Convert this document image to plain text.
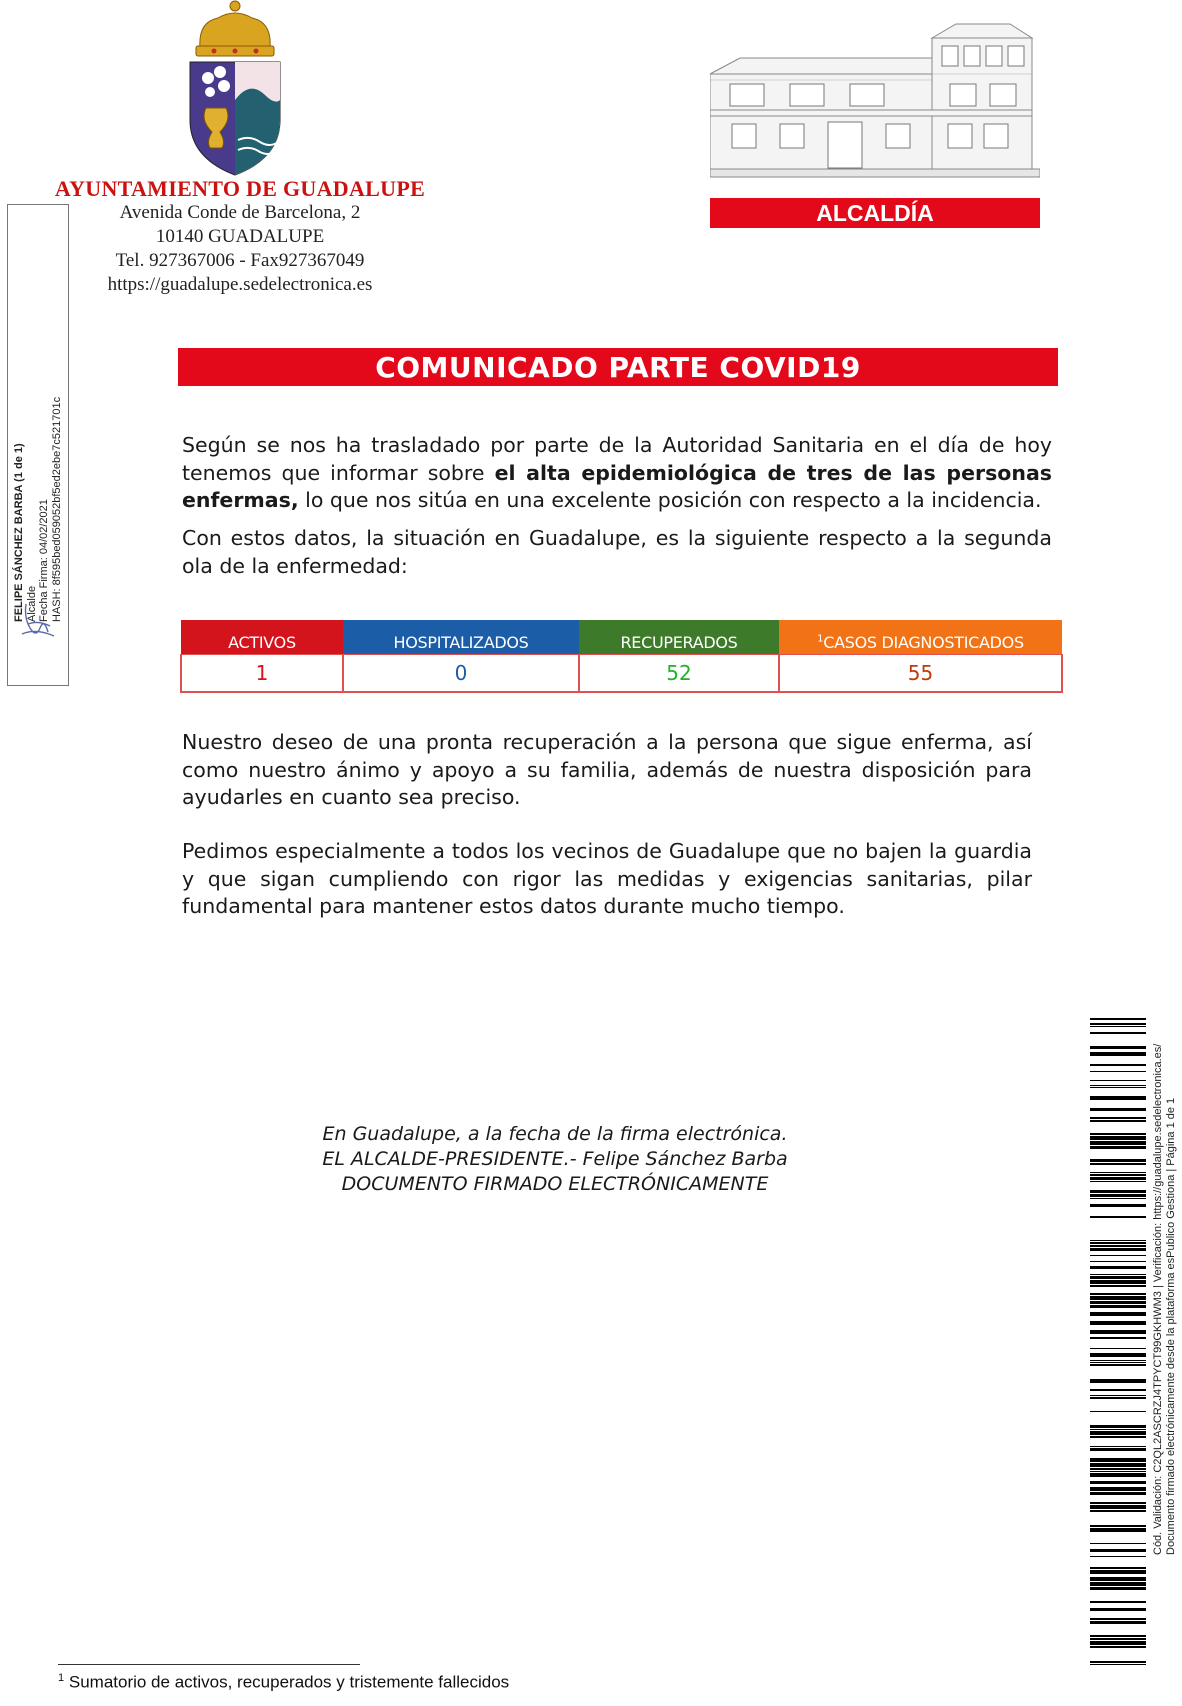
AYUNTAMIENTO DE GUADALUPE
Avenida Conde de Barcelona, 2
10140 GUADALUPE
Tel. 927367006 - Fax927367049
https://guadalupe.sedelectronica.es
ALCALDÍA
FELIPE SÁNCHEZ BARBA (1 de 1) Alcalde Fecha Firma: 04/02/2021 HASH: 8f595bed059052bf5ed2ebe7c521701c
COMUNICADO PARTE COVID19
Según se nos ha trasladado por parte de la Autoridad Sanitaria en el día de hoy tenemos que informar sobre el alta epidemiológica de tres de las personas enfermas, lo que nos sitúa en una excelente posición con respecto a la incidencia.
Con estos datos, la situación en Guadalupe, es la siguiente respecto a la segunda ola de la enfermedad:
ACTIVOS	HOSPITALIZADOS	RECUPERADOS	$^1$CASOS DIAGNOSTICADOS
1	0	52	55
Nuestro deseo de una pronta recuperación a la persona que sigue enferma, así como nuestro ánimo y apoyo a su familia, además de nuestra disposición para ayudarles en cuanto sea preciso.
Pedimos especialmente a todos los vecinos de Guadalupe que no bajen la guardia y que sigan cumpliendo con rigor las medidas y exigencias sanitarias, pilar fundamental para mantener estos datos durante mucho tiempo.
En Guadalupe, a la fecha de la firma electrónica.
EL ALCALDE-PRESIDENTE.- Felipe Sánchez Barba
DOCUMENTO FIRMADO ELECTRÓNICAMENTE	Cód. Validación: C2QL2ASCRZJ4TPYCT99GKHWM3 | Verificación: https://guadalupe.sedelectronica.es/ Documento firmado electrónicamente desde la plataforma esPublico Gestiona | Página 1 de 1
$^1$ Sumatorio de activos, recuperados y tristemente fallecidos
